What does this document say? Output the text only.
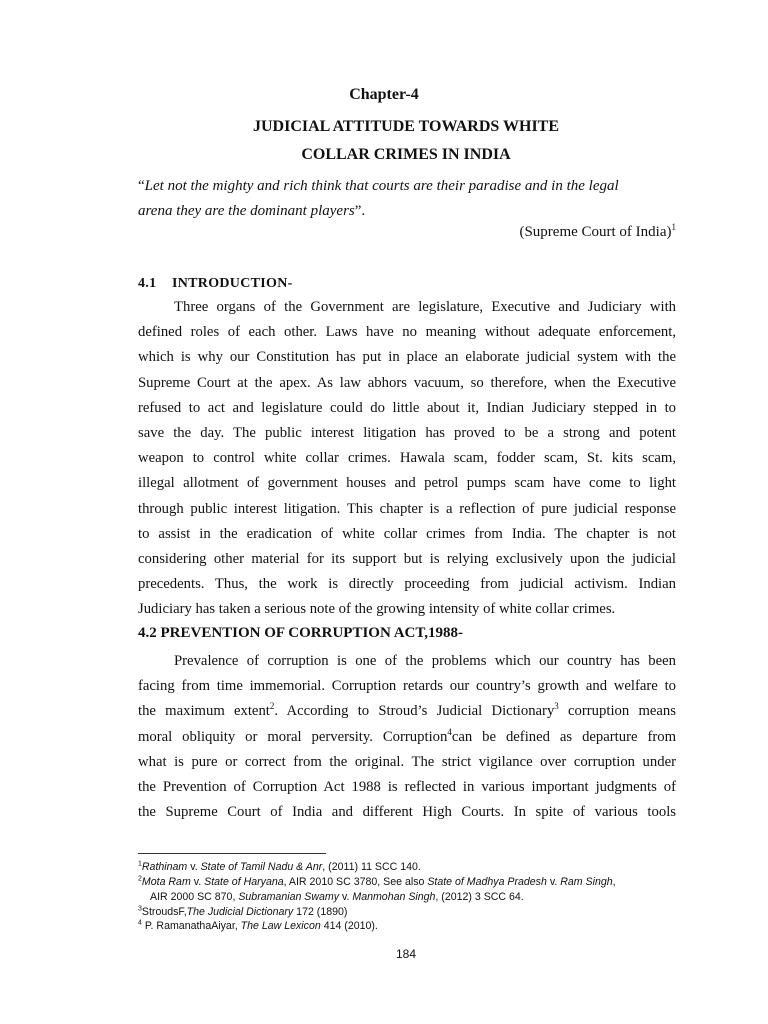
Chapter-4
JUDICIAL ATTITUDE TOWARDS WHITE
COLLAR CRIMES IN INDIA
“Let not the mighty and rich think that courts are their paradise and in the legal
arena they are the dominant players”.
(Supreme Court of India)$^1$
4.1 INTRODUCTION-
Three organs of the Government are legislature, Executive and Judiciary with
defined roles of each other. Laws have no meaning without adequate enforcement,
which is why our Constitution has put in place an elaborate judicial system with the
Supreme Court at the apex. As law abhors vacuum, so therefore, when the Executive
refused to act and legislature could do little about it, Indian Judiciary stepped in to
save the day. The public interest litigation has proved to be a strong and potent
weapon to control white collar crimes. Hawala scam, fodder scam, St. kits scam,
illegal allotment of government houses and petrol pumps scam have come to light
through public interest litigation. This chapter is a reflection of pure judicial response
to assist in the eradication of white collar crimes from India. The chapter is not
considering other material for its support but is relying exclusively upon the judicial
precedents. Thus, the work is directly proceeding from judicial activism. Indian
Judiciary has taken a serious note of the growing intensity of white collar crimes.
4.2 PREVENTION OF CORRUPTION ACT,1988-
Prevalence of corruption is one of the problems which our country has been
facing from time immemorial. Corruption retards our country’s growth and welfare to
the maximum extent$^2$. According to Stroud’s Judicial Dictionary$^3$ corruption means
moral obliquity or moral perversity. Corruption$^4$can be defined as departure from
what is pure or correct from the original. The strict vigilance over corruption under
the Prevention of Corruption Act 1988 is reflected in various important judgments of
the Supreme Court of India and different High Courts. In spite of various tools
$^1$Rathinam v. State of Tamil Nadu & Anr, (2011) 11 SCC 140.
$^2$Mota Ram v. State of Haryana, AIR 2010 SC 3780, See also State of Madhya Pradesh v. Ram Singh,
AIR 2000 SC 870, Subramanian Swamy v. Manmohan Singh, (2012) 3 SCC 64.
$^3$StroudsF,The Judicial Dictionary 172 (1890)
$^4$ P. RamanathaAiyar, The Law Lexicon 414 (2010).
184
